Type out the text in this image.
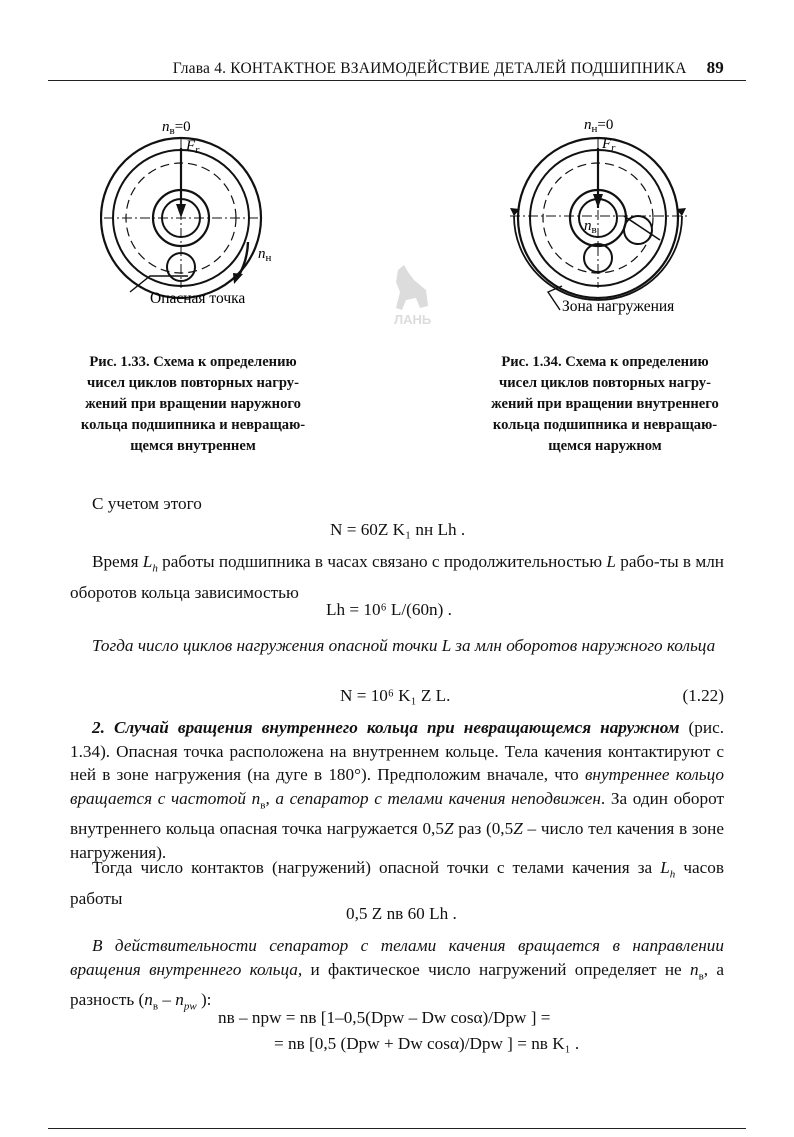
Глава 4. КОНТАКТНОЕ ВЗАИМОДЕЙСТВИЕ ДЕТАЛЕЙ ПОДШИПНИКА 89
$n_в=0$
$F_r$
$n_н$
Опасная точка
Рис. 1.33. Схема к определению
чисел циклов повторных нагру-
жений при вращении наружного
кольца подшипника и невращаю-
щемся внутреннем
ЛАНЬ
$n_н=0$
$F_r$
$n_в$
Зона нагружения
Рис. 1.34. Схема к определению
чисел циклов повторных нагру-
жений при вращении внутреннего
кольца подшипника и невращаю-
щемся наружном
С учетом этого
N = 60Z K₁ nн Lh .
Время $L_h$ работы подшипника в часах связано с продолжительностью L рабо-ты в млн оборотов кольца зависимостью
Lh = 10⁶ L/(60n) .
Тогда число циклов нагружения опасной точки L за млн оборотов наружного кольца
N = 10⁶ K₁ Z L.	(1.22)
2. Случай вращения внутреннего кольца при невращающемся наружном (рис. 1.34). Опасная точка расположена на внутреннем кольце. Тела качения контактируют с ней в зоне нагружения (на дуге в 180°). Предположим вначале, что внутреннее кольцо вращается с частотой $n_в$, а сепаратор с телами качения неподвижен. За один оборот внутреннего кольца опасная точка нагружается 0,5Z раз (0,5Z – число тел качения в зоне нагружения).
Тогда число контактов (нагружений) опасной точки с телами качения за $L_h$ часов работы
0,5 Z nв 60 Lh .
В действительности сепаратор с телами качения вращается в направлении вращения внутреннего кольца, и фактическое число нагружений определяет не $n_в$, а разность ($n_в - n_{pw}$ ):
nв – npw = nв [1–0,5(Dpw – Dw cosα)/Dpw ] =
= nв [0,5 (Dpw + Dw cosα)/Dpw ] = nв K₁ .
